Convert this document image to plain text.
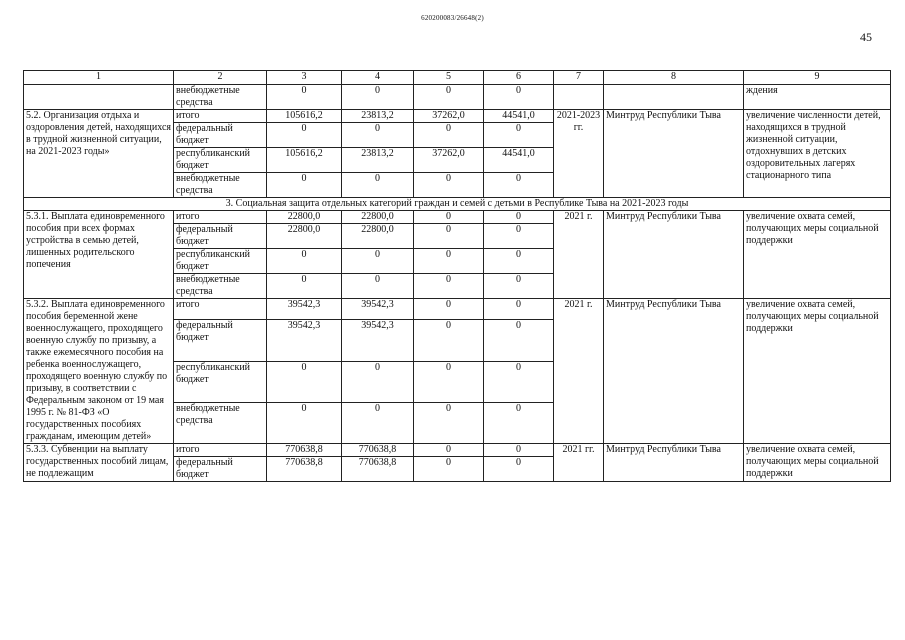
620200083/26648(2)
45
1	2	3	4	5	6	7	8	9
	внебюджетные средства	0	0	0	0			ждения
5.2. Организация отдыха и оздоровления детей, находящихся в трудной жизненной ситуации, на 2021-2023 годы»	итого	105616,2	23813,2	37262,0	44541,0	2021-2023 гг.	Минтруд Республики Тыва	увеличение численности детей, находящихся в трудной жизненной ситуации, отдохнувших в детских оздоровительных лагерях стационарного типа
	федеральный бюджет	0	0	0	0			
	республиканский бюджет	105616,2	23813,2	37262,0	44541,0			
	внебюджетные средства	0	0	0	0			
3. Социальная защита отдельных категорий граждан и семей с детьми в Республике Тыва на 2021-2023 годы								
5.3.1. Выплата единовременного пособия при всех формах устройства в семью детей, лишенных родительского попечения	итого	22800,0	22800,0	0	0	2021 г.	Минтруд Республики Тыва	увеличение охвата семей, получающих меры социальной поддержки
	федеральный бюджет	22800,0	22800,0	0	0			
	республиканский бюджет	0	0	0	0			
	внебюджетные средства	0	0	0	0			
5.3.2. Выплата единовременного пособия беременной жене военнослужащего, проходящего военную службу по призыву, а также ежемесячного пособия на ребенка военнослужащего, проходящего военную службу по призыву, в соответствии с Федеральным законом от 19 мая 1995 г. № 81-ФЗ «О государственных пособиях гражданам, имеющим детей»	итого	39542,3	39542,3	0	0	2021 г.	Минтруд Республики Тыва	увеличение охвата семей, получающих меры социальной поддержки
	федеральный бюджет	39542,3	39542,3	0	0			
	республиканский бюджет	0	0	0	0			
	внебюджетные средства	0	0	0	0			
5.3.3. Субвенции на выплату государственных пособий лицам, не подлежащим	итого	770638,8	770638,8	0	0	2021 гг.	Минтруд Республики Тыва	увеличение охвата семей, получающих меры социальной поддержки
	федеральный бюджет	770638,8	770638,8	0	0			
